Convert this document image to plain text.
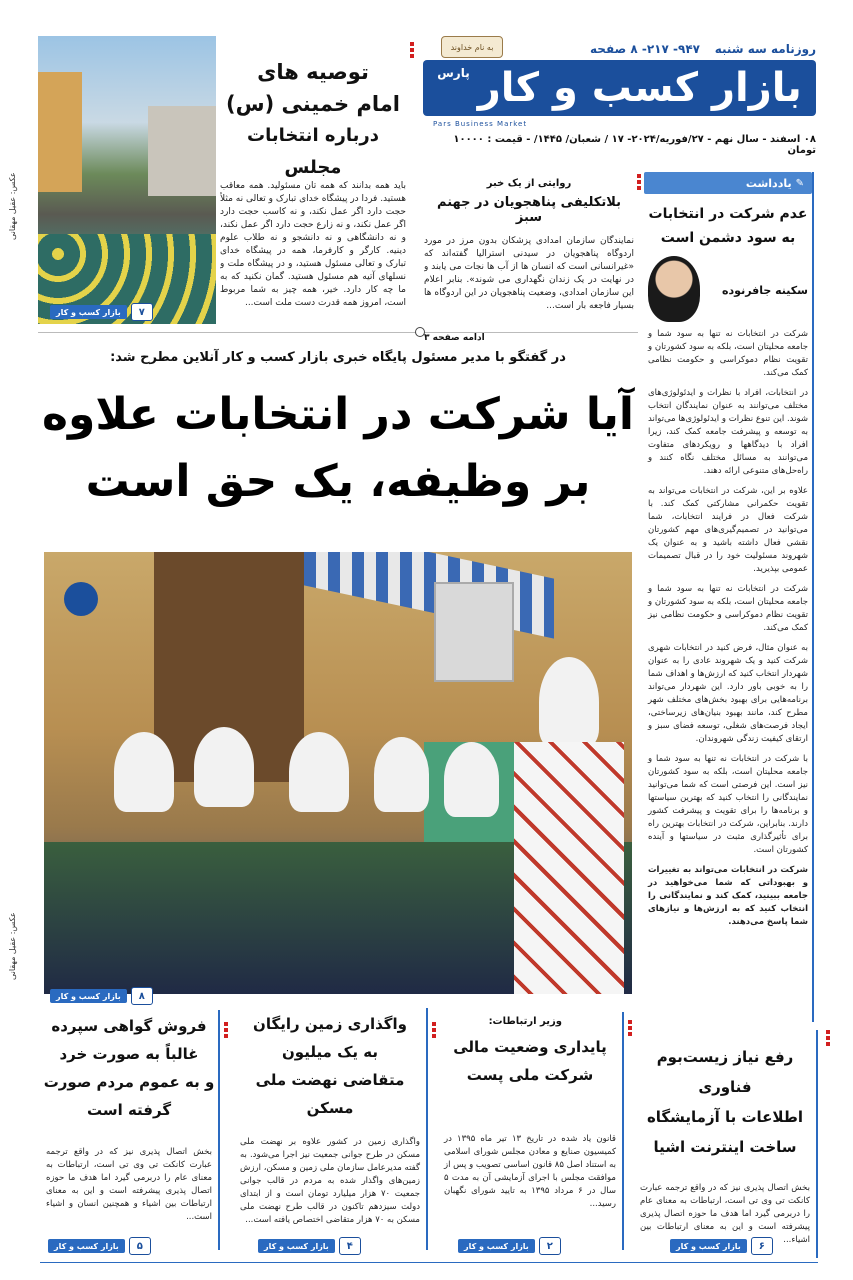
به نام خداوند	روزنامه سه شنبه
۹۴۷- ۲۱۷- ۸ صفحه
بازار کسب و کار
پارس
Pars Business Market
۰۸ اسفند - سال نهم - ۲۷/فوریه/۲۰۲۴- ۱۷ / شعبان/ ۱۴۴۵/ - قیمت : ۱۰۰۰۰ تومان
عکس: عقیل مهقانی
۷
بازار کسب و کار
توصیه های
امام خمینی (س)
درباره انتخابات مجلس
باید همه بدانند که همه تان مسئولید. همه معاقب هستید. فردا در پیشگاه خدای تبارک و تعالی نه مثلاً حجت دارد اگر عمل نکند، و نه کاسب حجت دارد اگر عمل نکند، و نه زارع حجت دارد اگر عمل نکند، و نه دانشگاهی و نه دانشجو و نه طلاب علوم دینیه. کارگر و کارفرما، همه در پیشگاه خدای تبارک و تعالی مسئول هستید، و در پیشگاه ملت و نسلهای آتیه هم مسئول هستید. گمان نکنید که به ما چه کار دارد. خیر، همه چیز به شما مربوط است، امروز همه قدرت دست ملت است...
روایتی از یک خبر
بلاتکلیفی پناهجویان در جهنم سبز
نمایندگان سازمان امدادی پزشکان بدون مرز در مورد اردوگاه پناهجویان در سیدنی استرالیا گفته‌اند که «غیرانسانی است که انسان ها از آب ها نجات می یابند و در نهایت در یک زندان نگهداری می شوند». بنابر اعلام این سازمان امدادی، وضعیت پناهجویان در این اردوگاه ها بسیار فاجعه بار است...
ادامه صفحه ۳
✎
یادداشت
عدم شرکت در انتخابات به سود دشمن است
سکینه جافرنوده

شرکت در انتخابات نه تنها به سود شما و جامعه محلیتان است، بلکه به سود کشورتان و تقویت نظام دموکراسی و حکومت نظامی کمک می‌کند.

در انتخابات، افراد با نظرات و ایدئولوژی‌های مختلف می‌توانند به عنوان نمایندگان انتخاب شوند. این تنوع نظرات و ایدئولوژی‌ها می‌تواند به توسعه و پیشرفت جامعه کمک کند، زیرا افراد با دیدگاهها و رویکردهای متفاوت می‌توانند به مسائل مختلف نگاه کنند و راه‌حل‌های متنوعی ارائه دهند.

علاوه بر این، شرکت در انتخابات می‌تواند به تقویت حکمرانی مشارکتی کمک کند. با شرکت فعال در فرایند انتخابات، شما می‌توانید در تصمیم‌گیری‌های مهم کشورتان نقشی فعال داشته باشید و به عنوان یک شهروند مسئولیت خود را در قبال تصمیمات عمومی بپذیرید.

شرکت در انتخابات نه تنها به سود شما و جامعه محلیتان است، بلکه به سود کشورتان و تقویت نظام دموکراسی و حکومت نظامی نیز کمک می‌کند.

به عنوان مثال، فرض کنید در انتخابات شهری شرکت کنید و یک شهروند عادی را به عنوان شهردار انتخاب کنید که ارزش‌ها و اهداف شما را به خوبی باور دارد. این شهردار می‌تواند برنامه‌هایی برای بهبود بخش‌های مختلف شهر مطرح کند، مانند بهبود بنیان‌های زیرساختی، ایجاد فرصت‌های شغلی، توسعه فضای سبز و ارتقای کیفیت زندگی شهروندان.

با شرکت در انتخابات نه تنها به سود شما و جامعه محلیتان است، بلکه به سود کشورتان نیز است. این فرصتی است که شما می‌توانید نمایندگانی را انتخاب کنید که بهترین سیاستها و برنامه‌ها را برای تقویت و پیشرفت کشور دارند. بنابراین، شرکت در انتخابات بهترین راه برای تأثیرگذاری مثبت در سیاستها و آینده کشورتان است.

شرکت در انتخابات می‌تواند به تغییرات و بهبوداتی که شما می‌خواهید در جامعه ببینید، کمک کند و نمایندگانی را انتخاب کنید که به ارزش‌ها و نیازهای شما پاسخ می‌دهند.

در گفتگو با مدیر مسئول پایگاه خبری بازار کسب و کار آنلاین مطرح شد:
آیا شرکت در انتخابات علاوه
بر وظیفه، یک حق است
عکس: عقیل مهقانی
۸
بازار کسب و کار
رفع نیاز زیست‌بوم فناوری
اطلاعات با آزمایشگاه
ساخت اینترنت اشیا
بخش اتصال پذیری نیز که در واقع ترجمه عبارت کانکت تی وی تی است، ارتباطات به معنای عام را دربرمی گیرد اما هدف ما حوزه اتصال پذیری پیشرفته است و این به معنای ارتباطات بین اشیاء...
۶
بازار کسب و کار
وزیر ارتباطات:
پایداری وضعیت مالی
شرکت ملی پست
قانون یاد شده در تاریخ ۱۳ تیر ماه ۱۳۹۵ در کمیسیون صنایع و معادن مجلس شورای اسلامی به استناد اصل ۸۵ قانون اساسی تصویب و پس از موافقت مجلس با اجرای آزمایشی آن به مدت ۵ سال در ۶ مرداد ۱۳۹۵ به تایید شورای نگهبان رسید...
۲
بازار کسب و کار
واگذاری زمین رایگان
به یک میلیون
متقاضی نهضت ملی مسکن
واگذاری زمین در کشور علاوه بر نهضت ملی مسکن در طرح جوانی جمعیت نیز اجرا می‌شود. به گفته مدیرعامل سازمان ملی زمین و مسکن، ارزش زمین‌های واگذار شده به مردم در قالب جوانی جمعیت ۷۰ هزار میلیارد تومان است و از ابتدای دولت سیزدهم تاکنون در قالب طرح نهضت ملی مسکن به ۷۰ هزار متقاضی اختصاص یافته است...
۴
بازار کسب و کار
فروش گواهی سپرده
غالباً به صورت خرد
و به عموم مردم صورت
گرفته است
بخش اتصال پذیری نیز که در واقع ترجمه عبارت کانکت تی وی تی است، ارتباطات به معنای عام را دربرمی گیرد اما هدف ما حوزه اتصال پذیری پیشرفته است و این به معنای ارتباطات بین اشیاء و همچنین انسان و اشیاء است...
۵
بازار کسب و کار
